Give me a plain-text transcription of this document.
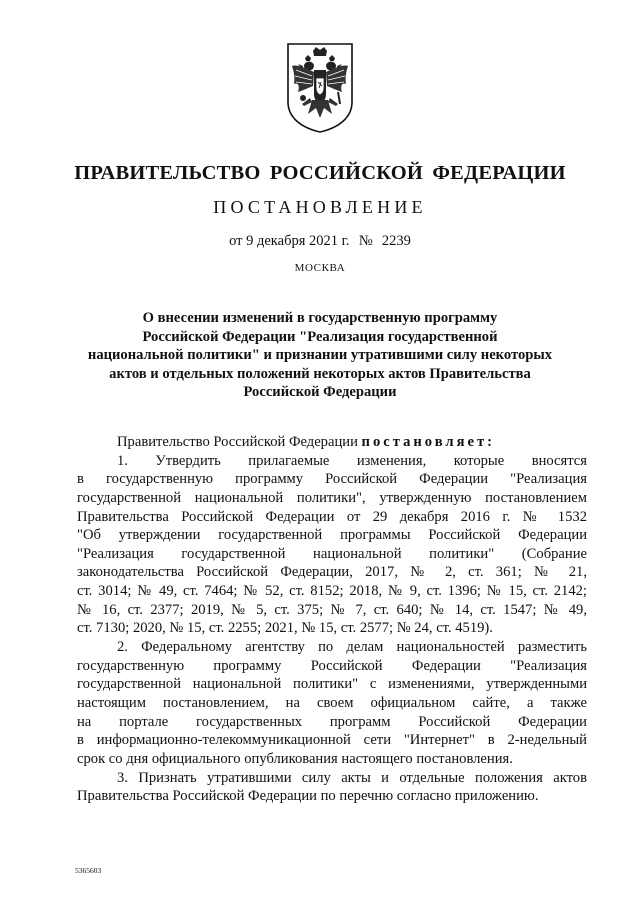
ПРАВИТЕЛЬСТВО РОССИЙСКОЙ ФЕДЕРАЦИИ
ПОСТАНОВЛЕНИЕ
от 9 декабря 2021 г. № 2239
МОСКВА
О внесении изменений в государственную программу
Российской Федерации "Реализация государственной
национальной политики" и признании утратившими силу некоторых
актов и отдельных положений некоторых актов Правительства
Российской Федерации
Правительство Российской Федерации постановляет:
1. Утвердить прилагаемые изменения, которые вносятся
в государственную программу Российской Федерации "Реализация
государственной национальной политики", утвержденную постановлением
Правительства Российской Федерации от 29 декабря 2016 г. № 1532
"Об утверждении государственной программы Российской Федерации
"Реализация государственной национальной политики" (Собрание
законодательства Российской Федерации, 2017, № 2, ст. 361; № 21,
ст. 3014; № 49, ст. 7464; № 52, ст. 8152; 2018, № 9, ст. 1396; № 15, ст. 2142;
№ 16, ст. 2377; 2019, № 5, ст. 375; № 7, ст. 640; № 14, ст. 1547; № 49,
ст. 7130; 2020, № 15, ст. 2255; 2021, № 15, ст. 2577; № 24, ст. 4519).
2. Федеральному агентству по делам национальностей разместить
государственную программу Российской Федерации "Реализация
государственной национальной политики" с изменениями, утвержденными
настоящим постановлением, на своем официальном сайте, а также
на портале государственных программ Российской Федерации
в информационно-телекоммуникационной сети "Интернет" в 2-недельный
срок со дня официального опубликования настоящего постановления.
3. Признать утратившими силу акты и отдельные положения актов
Правительства Российской Федерации по перечню согласно приложению.
5365603
